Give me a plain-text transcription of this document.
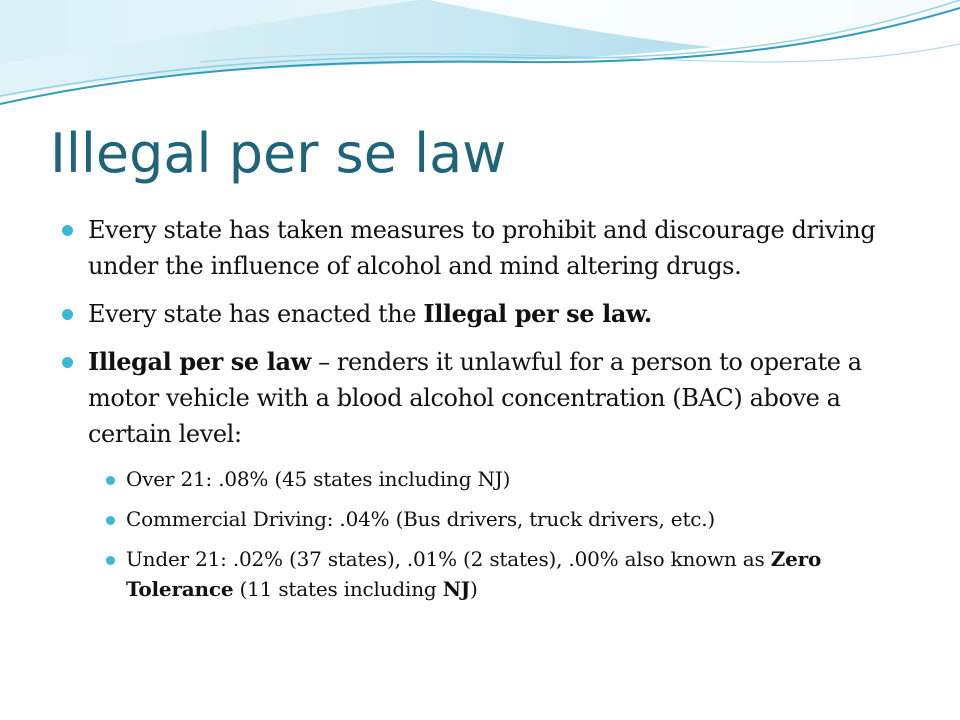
Illegal per se law
Every state has taken measures to prohibit and discourage driving under the influence of alcohol and mind altering drugs.
Every state has enacted the Illegal per se law.
Illegal per se law – renders it unlawful for a person to operate a motor vehicle with a blood alcohol concentration (BAC) above a certain level:
Over 21: .08% (45 states including NJ)
Commercial Driving: .04% (Bus drivers, truck drivers, etc.)
Under 21: .02% (37 states), .01% (2 states), .00% also known as Zero Tolerance (11 states including NJ)
